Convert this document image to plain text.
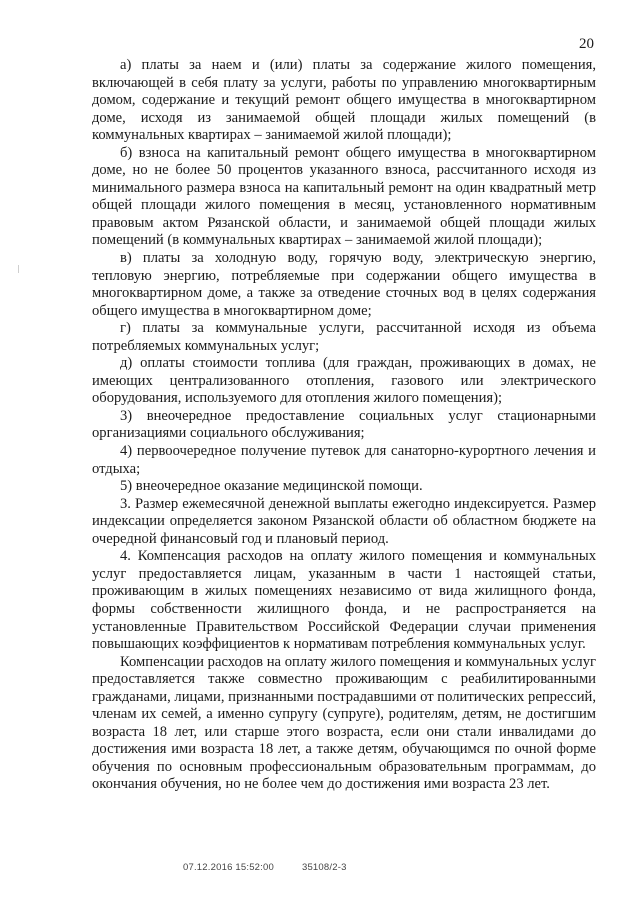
20

а) платы за наем и (или) платы за содержание жилого помещения, включающей в себя плату за услуги, работы по управлению многоквартирным домом, содержание и текущий ремонт общего имущества в многоквартирном доме, исходя из занимаемой общей площади жилых помещений (в коммунальных квартирах – занимаемой жилой площади);

б) взноса на капитальный ремонт общего имущества в многоквартирном доме, но не более 50 процентов указанного взноса, рассчитанного исходя из минимального размера взноса на капитальный ремонт на один квадратный метр общей площади жилого помещения в месяц, установленного нормативным правовым актом Рязанской области, и занимаемой общей площади жилых помещений (в коммунальных квартирах – занимаемой жилой площади);

в) платы за холодную воду, горячую воду, электрическую энергию, тепловую энергию, потребляемые при содержании общего имущества в многоквартирном доме, а также за отведение сточных вод в целях содержания общего имущества в многоквартирном доме;

г) платы за коммунальные услуги, рассчитанной исходя из объема потребляемых коммунальных услуг;

д) оплаты стоимости топлива (для граждан, проживающих в домах, не имеющих централизованного отопления, газового или электрического оборудования, используемого для отопления жилого помещения);

3) внеочередное предоставление социальных услуг стационарными организациями социального обслуживания;

4) первоочередное получение путевок для санаторно-курортного лечения и отдыха;

5) внеочередное оказание медицинской помощи.

3. Размер ежемесячной денежной выплаты ежегодно индексируется. Размер индексации определяется законом Рязанской области об областном бюджете на очередной финансовый год и плановый период.

4. Компенсация расходов на оплату жилого помещения и коммунальных услуг предоставляется лицам, указанным в части 1 настоящей статьи, проживающим в жилых помещениях независимо от вида жилищного фонда, формы собственности жилищного фонда, и не распространяется на установленные Правительством Российской Федерации случаи применения повышающих коэффициентов к нормативам потребления коммунальных услуг.

Компенсации расходов на оплату жилого помещения и коммунальных услуг предоставляется также совместно проживающим с реабилитированными гражданами, лицами, признанными пострадавшими от политических репрессий, членам их семей, а именно супругу (супруге), родителям, детям, не достигшим возраста 18 лет, или старше этого возраста, если они стали инвалидами до достижения ими возраста 18 лет, а также детям, обучающимся по очной форме обучения по основным профессиональным образовательным программам, до окончания обучения, но не более чем до достижения ими возраста 23 лет.

07.12.2016 15:52:00	35108/2-3
